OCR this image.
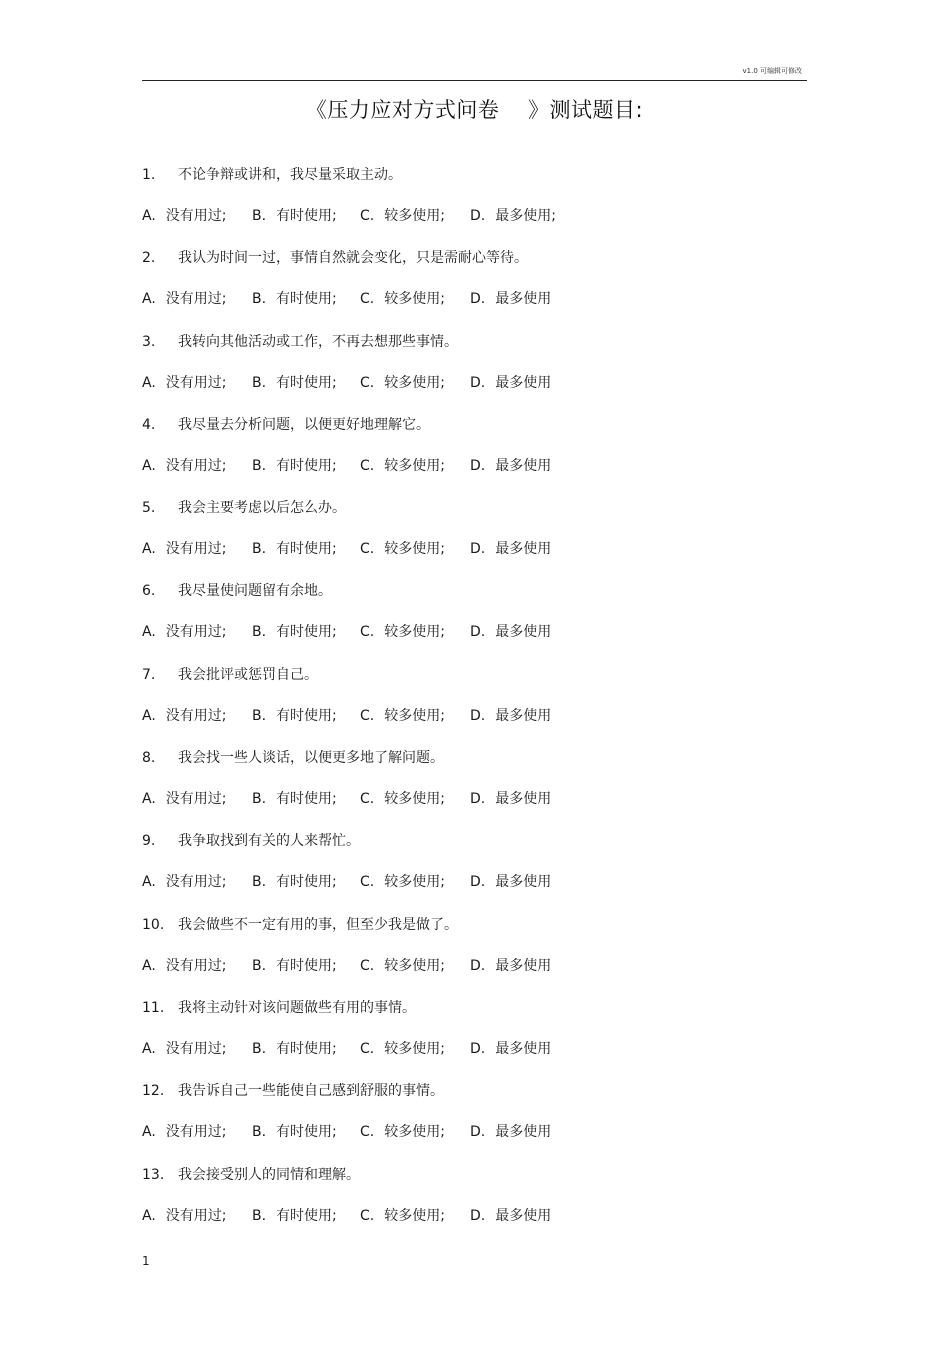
v1.0 可编辑可修改
《压力应对方式问卷    》测试题目:
1. 不论争辩或讲和，我尽量采取主动。
A. 没有用过; B. 有时使用; C. 较多使用; D. 最多使用;
2. 我认为时间一过，事情自然就会变化，只是需耐心等待。
A. 没有用过; B. 有时使用; C. 较多使用; D. 最多使用
3. 我转向其他活动或工作，不再去想那些事情。
A. 没有用过; B. 有时使用; C. 较多使用; D. 最多使用
4. 我尽量去分析问题，以便更好地理解它。
A. 没有用过; B. 有时使用; C. 较多使用; D. 最多使用
5. 我会主要考虑以后怎么办。
A. 没有用过; B. 有时使用; C. 较多使用; D. 最多使用
6. 我尽量使问题留有余地。
A. 没有用过; B. 有时使用; C. 较多使用; D. 最多使用
7. 我会批评或惩罚自己。
A. 没有用过; B. 有时使用; C. 较多使用; D. 最多使用
8. 我会找一些人谈话，以便更多地了解问题。
A. 没有用过; B. 有时使用; C. 较多使用; D. 最多使用
9. 我争取找到有关的人来帮忙。
A. 没有用过; B. 有时使用; C. 较多使用; D. 最多使用
10. 我会做些不一定有用的事，但至少我是做了。
A. 没有用过; B. 有时使用; C. 较多使用; D. 最多使用
11. 我将主动针对该问题做些有用的事情。
A. 没有用过; B. 有时使用; C. 较多使用; D. 最多使用
12. 我告诉自己一些能使自己感到舒服的事情。
A. 没有用过; B. 有时使用; C. 较多使用; D. 最多使用
13. 我会接受别人的同情和理解。
A. 没有用过; B. 有时使用; C. 较多使用; D. 最多使用
1
